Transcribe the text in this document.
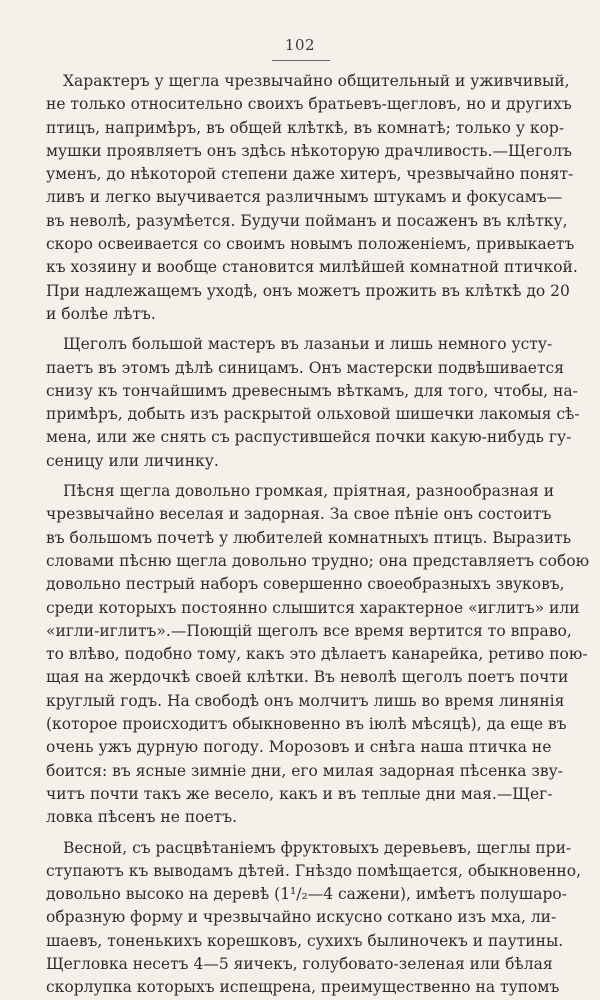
102

Характеръ у щегла чрезвычайно общительный и уживчивый,
не только относительно своихъ братьевъ-щегловъ, но и другихъ
птицъ, напримѣръ, въ общей клѣткѣ, въ комнатѣ; только у кор-
мушки проявляетъ онъ здѣсь нѣкоторую драчливость.—Щеголъ
уменъ, до нѣкоторой степени даже хитеръ, чрезвычайно понят-
ливъ и легко выучивается различнымъ штукамъ и фокусамъ—
въ неволѣ, разумѣется. Будучи пойманъ и посаженъ въ клѣтку,
скоро освеивается со своимъ новымъ положенiемъ, привыкаетъ
къ хозяину и вообще становится милѣйшей комнатной птичкой.
При надлежащемъ уходѣ, онъ можетъ прожить въ клѣткѣ до 20
и болѣе лѣтъ.

Щеголъ большой мастеръ въ лазаньи и лишь немного усту-
паетъ въ этомъ дѣлѣ синицамъ. Онъ мастерски подвѣшивается
снизу къ тончайшимъ древеснымъ вѣткамъ, для того, чтобы, на-
примѣръ, добыть изъ раскрытой ольховой шишечки лакомыя сѣ-
мена, или же снять съ распустившейся почки какую-нибудь гу-
сеницу или личинку.

Пѣсня щегла довольно громкая, прiятная, разнообразная и
чрезвычайно веселая и задорная. За свое пѣнiе онъ состоитъ
въ большомъ почетѣ у любителей комнатныхъ птицъ. Выразить
словами пѣсню щегла довольно трудно; она представляетъ собою
довольно пестрый наборъ совершенно своеобразныхъ звуковъ,
среди которыхъ постоянно слышится характерное «иглитъ» или
«игли-иглитъ».—Поющiй щеголъ все время вертится то вправо,
то влѣво, подобно тому, какъ это дѣлаетъ канарейка, ретиво пою-
щая на жердочкѣ своей клѣтки. Въ неволѣ щеголъ поетъ почти
круглый годъ. На свободѣ онъ молчитъ лишь во время линянiя
(которое происходитъ обыкновенно въ iюлѣ мѣсяцѣ), да еще въ
очень ужъ дурную погоду. Морозовъ и снѣга наша птичка не
боится: въ ясные зимнiе дни, его милая задорная пѣсенка зву-
читъ почти такъ же весело, какъ и въ теплые дни мая.—Щег-
ловка пѣсенъ не поетъ.

Весной, съ расцвѣтанiемъ фруктовыхъ деревьевъ, щеглы при-
ступаютъ къ выводамъ дѣтей. Гнѣздо помѣщается, обыкновенно,
довольно высоко на деревѣ (1¹/₂—4 сажени), имѣетъ полушаро-
образную форму и чрезвычайно искусно соткано изъ мха, ли-
шаевъ, тоненькихъ корешковъ, сухихъ былиночекъ и паутины.
Щегловка несетъ 4—5 яичекъ, голубовато-зеленая или бѣлая
скорлупка которыхъ испещрена, преимущественно на тупомъ
